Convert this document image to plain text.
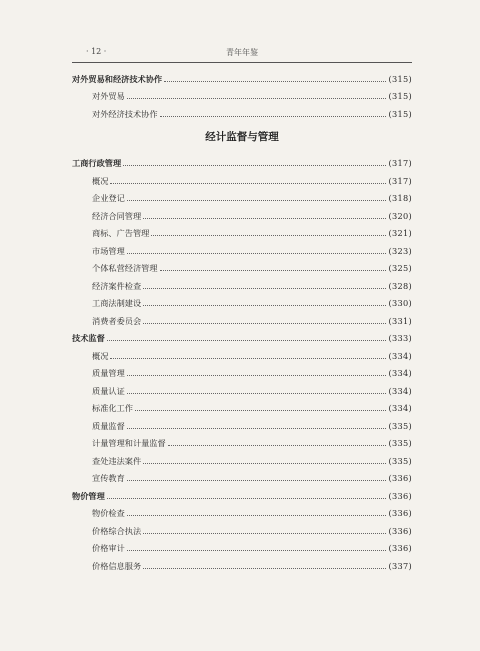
· 12 ·	青年年鉴
对外贸易和经济技术协作	(315)
对外贸易	(315)
对外经济技术协作	(315)
经计监督与管理
工商行政管理	(317)
概况	(317)
企业登记	(318)
经济合同管理	(320)
商标、广告管理	(321)
市场管理	(323)
个体私营经济管理	(325)
经济案件检查	(328)
工商法制建设	(330)
消费者委员会	(331)
技术监督	(333)
概况	(334)
质量管理	(334)
质量认证	(334)
标准化工作	(334)
质量监督	(335)
计量管理和计量监督	(335)
查处违法案件	(335)
宣传教育	(336)
物价管理	(336)
物价检查	(336)
价格综合执法	(336)
价格审计	(336)
价格信息服务	(337)
